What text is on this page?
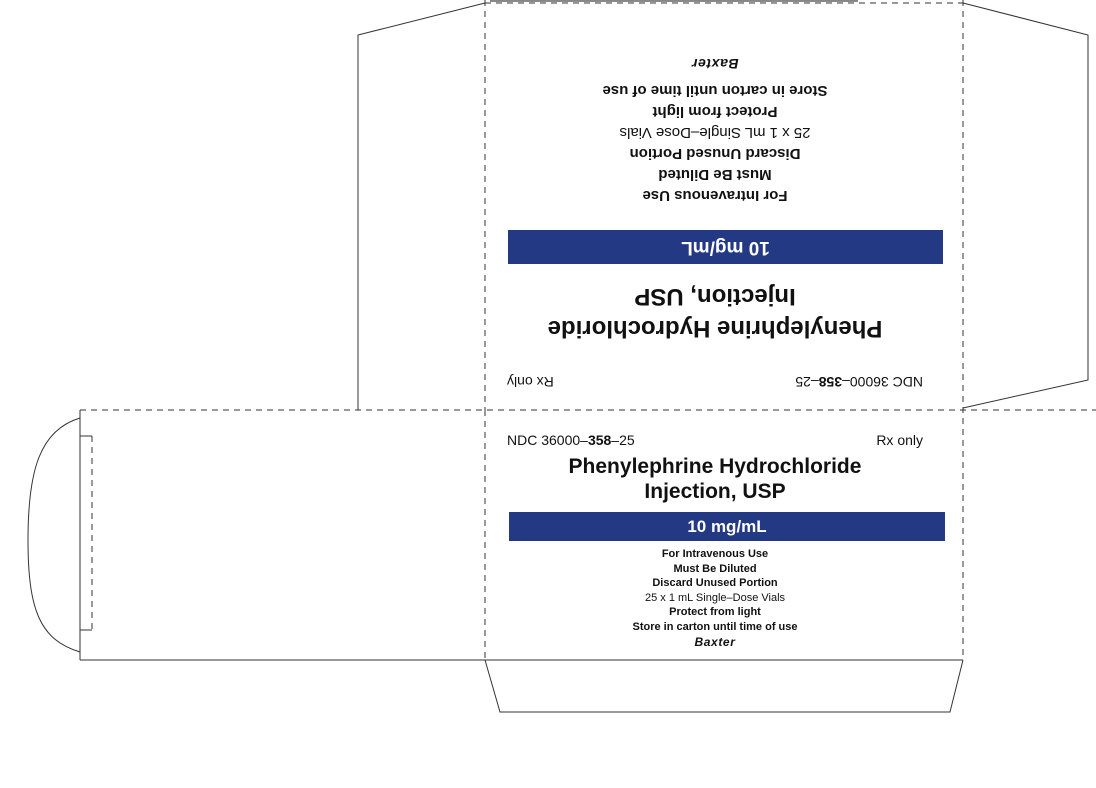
NDC 36000–358–25	Rx only
Phenylephrine Hydrochloride
Injection, USP
10 mg/mL
For Intravenous Use
Must Be Diluted
Discard Unused Portion
25 x 1 mL Single–Dose Vials
Protect from light
Store in carton until time of use
Baxter
NDC 36000–358–25
Rx only
Phenylephrine Hydrochloride
Injection, USP
10 mg/mL
For Intravenous Use
Must Be Diluted
Discard Unused Portion
25 x 1 mL Single–Dose Vials
Protect from light
Store in carton until time of use
Baxter
